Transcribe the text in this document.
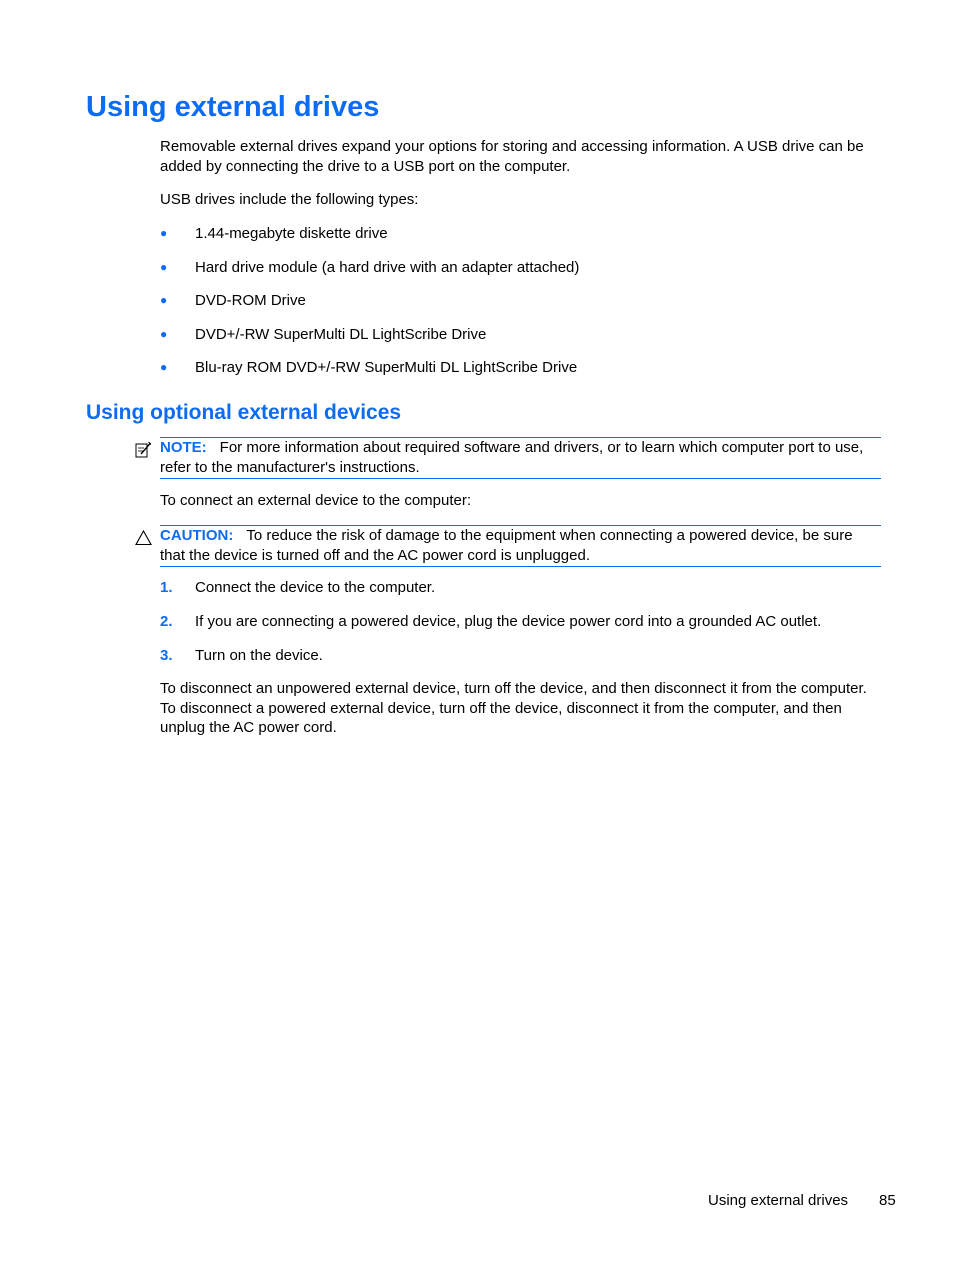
Using external drives

Removable external drives expand your options for storing and accessing information. A USB drive can be added by connecting the drive to a USB port on the computer.

USB drives include the following types:

● 1.44-megabyte diskette drive
● Hard drive module (a hard drive with an adapter attached)
● DVD-ROM Drive
● DVD+/-RW SuperMulti DL LightScribe Drive
● Blu-ray ROM DVD+/-RW SuperMulti DL LightScribe Drive
Using optional external devices
NOTE: For more information about required software and drivers, or to learn which computer port to use, refer to the manufacturer's instructions.

To connect an external device to the computer:

CAUTION: To reduce the risk of damage to the equipment when connecting a powered device, be sure that the device is turned off and the AC power cord is unplugged.
1. Connect the device to the computer.
2. If you are connecting a powered device, plug the device power cord into a grounded AC outlet.
3. Turn on the device.

To disconnect an unpowered external device, turn off the device, and then disconnect it from the computer. To disconnect a powered external device, turn off the device, disconnect it from the computer, and then unplug the AC power cord.

Using external drives 85
